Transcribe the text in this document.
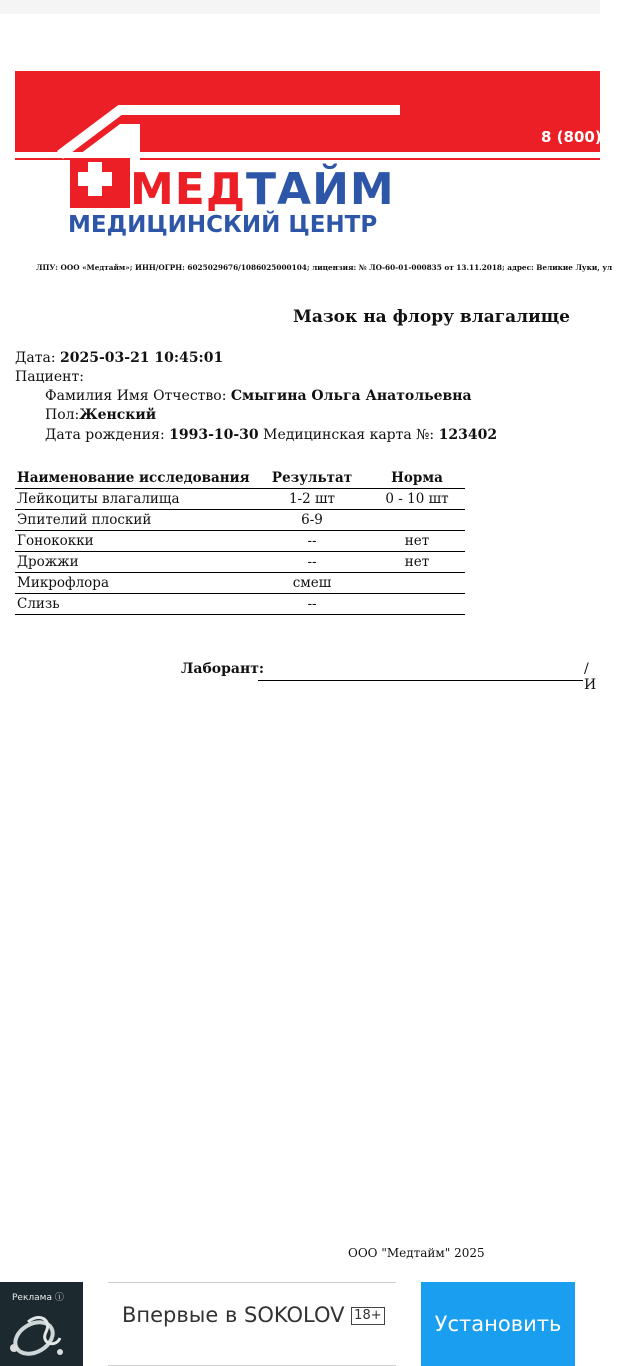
8 (800) 3
МЕДТАЙМ
МЕДИЦИНСКИЙ ЦЕНТР
ЛПУ: ООО «Медтайм»; ИНН/ОГРН: 6025029676/1086025000104; лицензия: № ЛО-60-01-000835 от 13.11.2018; адрес: Великие Луки, ул
Мазок на флору влагалище
Дата: 2025-03-21 10:45:01
Пациент:
Фамилия Имя Отчество: Смыгина Ольга Анатольевна
Пол:Женский
Дата рождения: 1993-10-30 Медицинская карта №: 123402
Наименование исследования	Результат	Норма
Лейкоциты влагалища	1-2 шт	0 - 10 шт
Эпителий плоский	6-9	
Гонококки	--	нет
Дрожжи	--	нет
Микрофлора	смеш	
Слизь	--	
Лаборант:	/И
ООО "Медтайм" 2025
Реклама ⓘ
Впервые в SOKOLOV 18+	Установить
